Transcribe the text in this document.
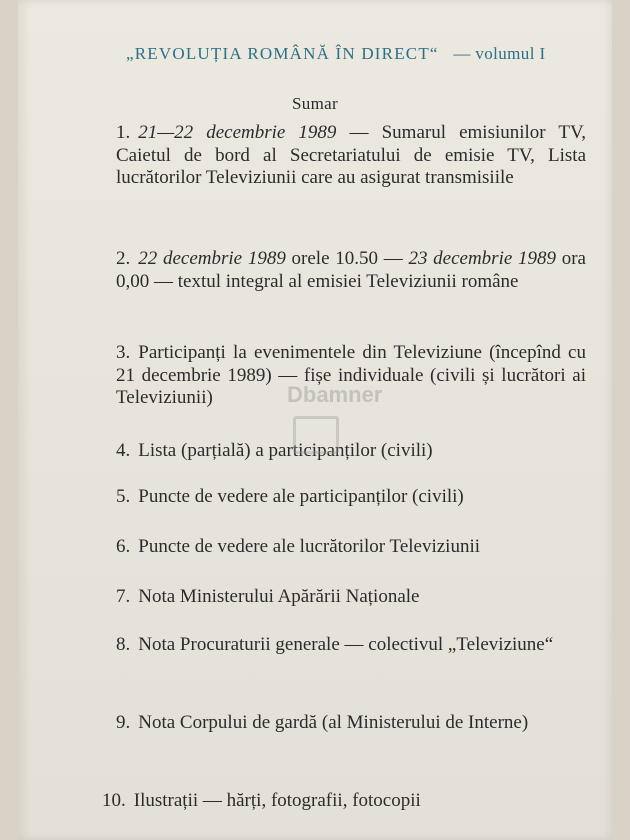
„REVOLUȚIA ROMÂNĂ ÎN DIRECT“ — volumul I
Sumar
1. 21—22 decembrie 1989 — Sumarul emisiunilor TV, Caietul de bord al Secretariatului de emisie TV, Lista lucrătorilor Televiziunii care au asigurat transmisiile
2. 22 decembrie 1989 orele 10.50 — 23 decembrie 1989 ora 0,00 — textul integral al emisiei Televiziunii române
3. Participanți la evenimentele din Televiziune (începînd cu 21 decembrie 1989) — fișe individuale (civili și lucrători ai Televiziunii)
4. Lista (parțială) a participanților (civili)
5. Puncte de vedere ale participanților (civili)
6. Puncte de vedere ale lucrătorilor Televiziunii
7. Nota Ministerului Apărării Naționale
8. Nota Procuraturii generale — colectivul „Televiziune“
9. Nota Corpului de gardă (al Ministerului de Interne)
10. Ilustrații — hărți, fotografii, fotocopii
Dbamner
